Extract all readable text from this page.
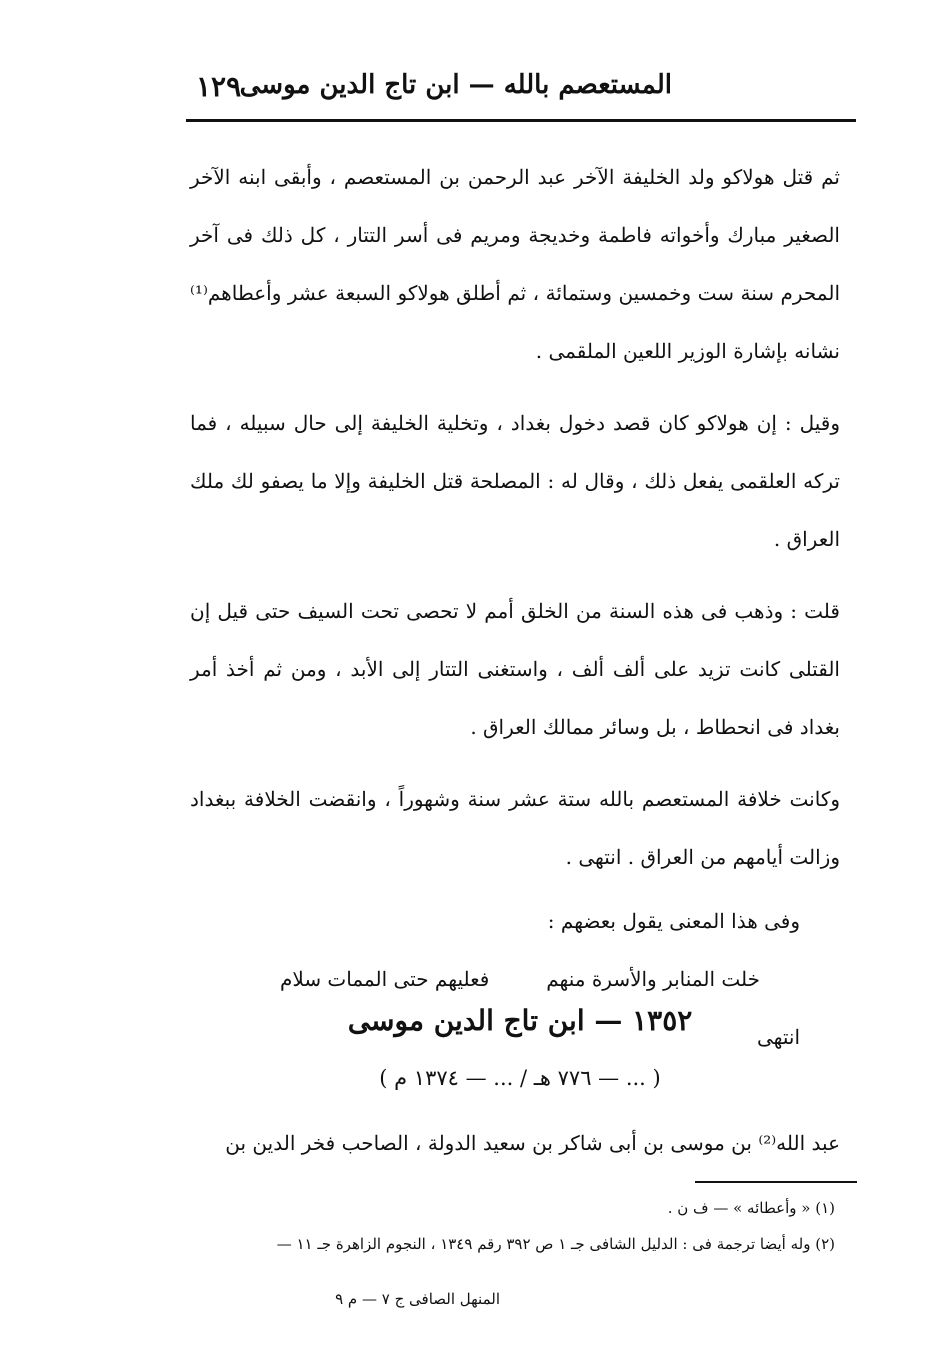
المستعصم بالله — ابن تاج الدين موسى
١٢٩

ثم قتل هولاكو ولد الخليفة الآخر عبد الرحمن بن المستعصم ، وأبقى ابنه الآخر الصغير مبارك وأخواته فاطمة وخديجة ومريم فى أسر التتار ، كل ذلك فى آخر المحرم سنة ست وخمسين وستمائة ، ثم أطلق هولاكو السبعة عشر وأعطاهم⁽¹⁾ نشانه بإشارة الوزير اللعين الملقمى .

وقيل : إن هولاكو كان قصد دخول بغداد ، وتخلية الخليفة إلى حال سبيله ، فما تركه العلقمى يفعل ذلك ، وقال له : المصلحة قتل الخليفة وإلا ما يصفو لك ملك العراق .

قلت : وذهب فى هذه السنة من الخلق أمم لا تحصى تحت السيف حتى قيل إن القتلى كانت تزيد على ألف ألف ، واستغنى التتار إلى الأبد ، ومن ثم أخذ أمر بغداد فى انحطاط ، بل وسائر ممالك العراق .

وكانت خلافة المستعصم بالله ستة عشر سنة وشهوراً ، وانقضت الخلافة ببغداد وزالت أيامهم من العراق . انتهى .

وفى هذا المعنى يقول بعضهم :

خلت المنابر والأسرة منهم
فعليهم حتى الممات سلام

انتهى

١٣٥٢ — ابن تاج الدين موسى
( ... — ٧٧٦ هـ / ... — ١٣٧٤ م )
عبد الله⁽²⁾ بن موسى بن أبى شاكر بن سعيد الدولة ، الصاحب فخر الدين بن

(١) « وأعطائه » — ف ن .

(٢) وله أيضا ترجمة فى : الدليل الشافى جـ ١ ص ٣٩٢ رقم ١٣٤٩ ، النجوم الزاهرة جـ ١١ —

المنهل الصافى ج ٧ — م ٩
